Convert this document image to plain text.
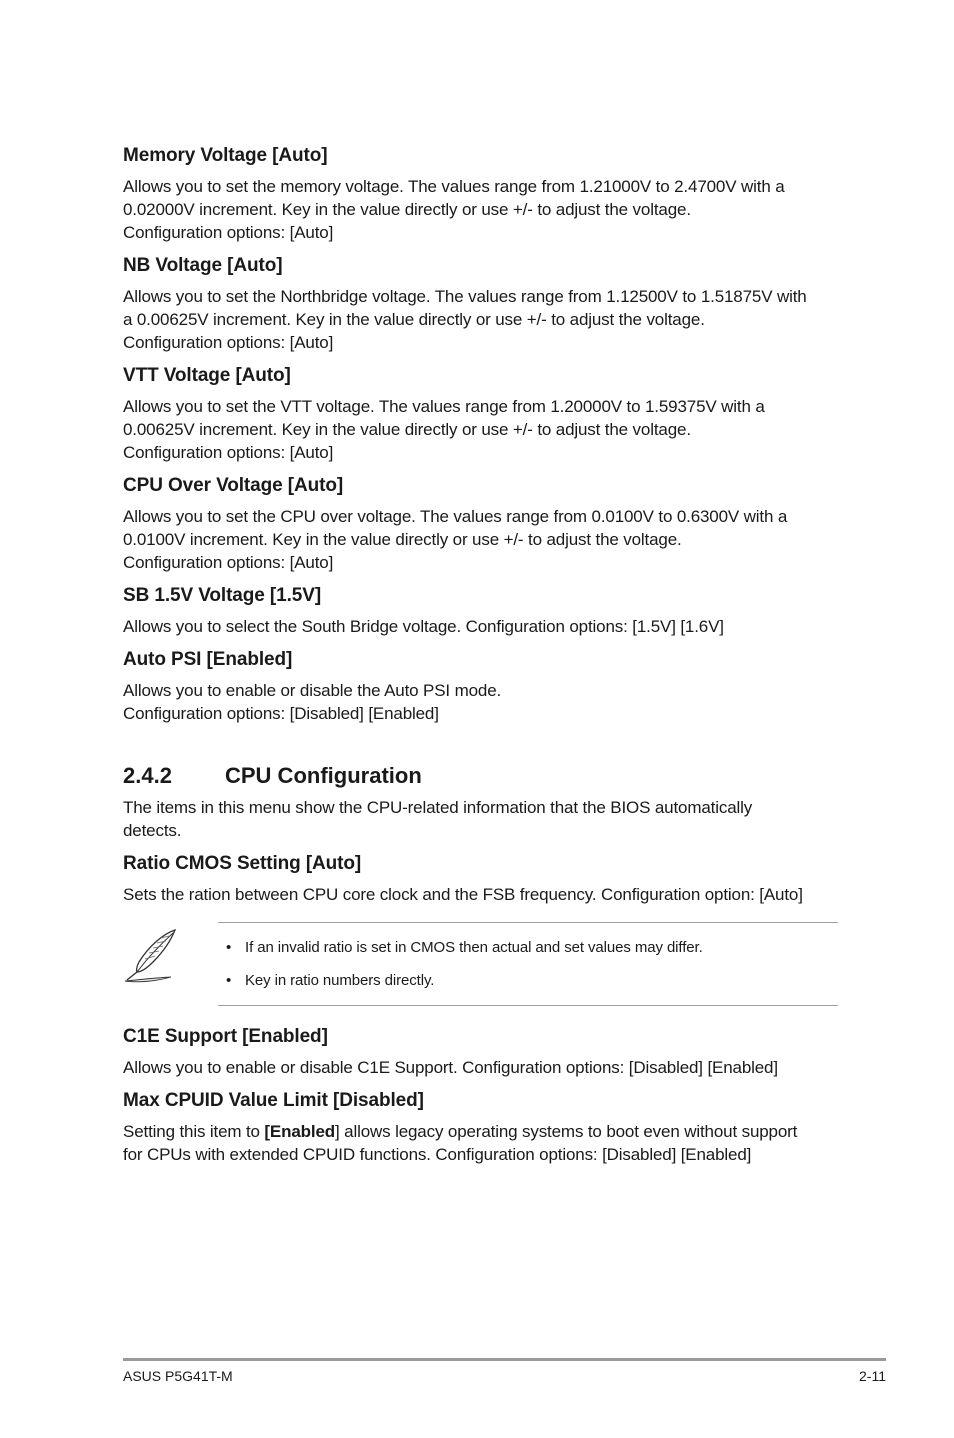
Memory Voltage [Auto]
Allows you to set the memory voltage. The values range from 1.21000V to 2.4700V with a
0.02000V increment. Key in the value directly or use +/- to adjust the voltage.
Configuration options: [Auto]
NB Voltage [Auto]
Allows you to set the Northbridge voltage. The values range from 1.12500V to 1.51875V with
a 0.00625V increment. Key in the value directly or use +/- to adjust the voltage.
Configuration options: [Auto]
VTT Voltage [Auto]
Allows you to set the VTT voltage. The values range from 1.20000V to 1.59375V with a
0.00625V increment. Key in the value directly or use +/- to adjust the voltage.
Configuration options: [Auto]
CPU Over Voltage [Auto]
Allows you to set the CPU over voltage. The values range from 0.0100V to 0.6300V with a
0.0100V increment. Key in the value directly or use +/- to adjust the voltage.
Configuration options: [Auto]
SB 1.5V Voltage [1.5V]
Allows you to select the South Bridge voltage. Configuration options: [1.5V] [1.6V]
Auto PSI [Enabled]
Allows you to enable or disable the Auto PSI mode.
Configuration options: [Disabled] [Enabled]
2.4.2	CPU Configuration
The items in this menu show the CPU-related information that the BIOS automatically
detects.
Ratio CMOS Setting [Auto]
Sets the ration between CPU core clock and the FSB frequency. Configuration option: [Auto]
• If an invalid ratio is set in CMOS then actual and set values may differ.
• Key in ratio numbers directly.
C1E Support [Enabled]
Allows you to enable or disable C1E Support. Configuration options: [Disabled] [Enabled]
Max CPUID Value Limit [Disabled]
Setting this item to [Enabled] allows legacy operating systems to boot even without support
for CPUs with extended CPUID functions. Configuration options: [Disabled] [Enabled]
ASUS P5G41T-M	2-11
